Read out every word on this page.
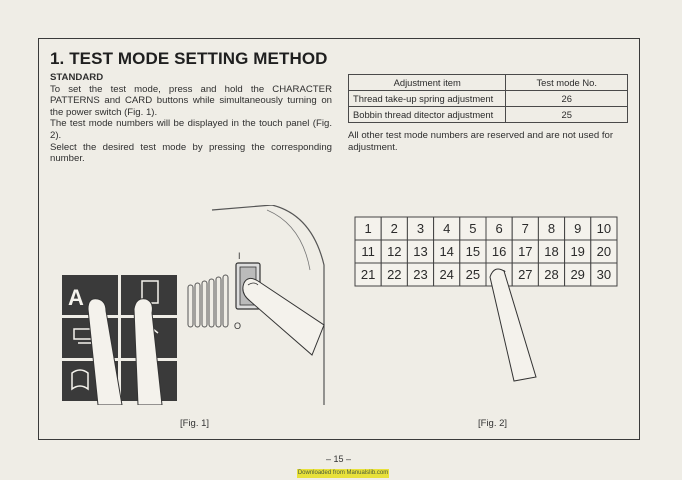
1. TEST MODE SETTING METHOD
STANDARD

To set the test mode, press and hold the CHARACTER PATTERNS and CARD buttons while simultaneously turning on the power switch (Fig. 1).

The test mode numbers will be displayed in the touch panel (Fig. 2).

Select the desired test mode by pressing the corresponding number.

Adjustment item	Test mode No.
Thread take-up spring adjustment	26
Bobbin thread ditector adjustment	25
All other test mode numbers are reserved and are not used for adjustment.
I
O
A
1 2 3 4 5 6 7 8 9 10
11 12 13 14 15 16 17 18 19 20
21 22 23 24 25	27 28 29 30
[Fig. 1]	[Fig. 2]
– 15 –
Downloaded from Manualslib.com
